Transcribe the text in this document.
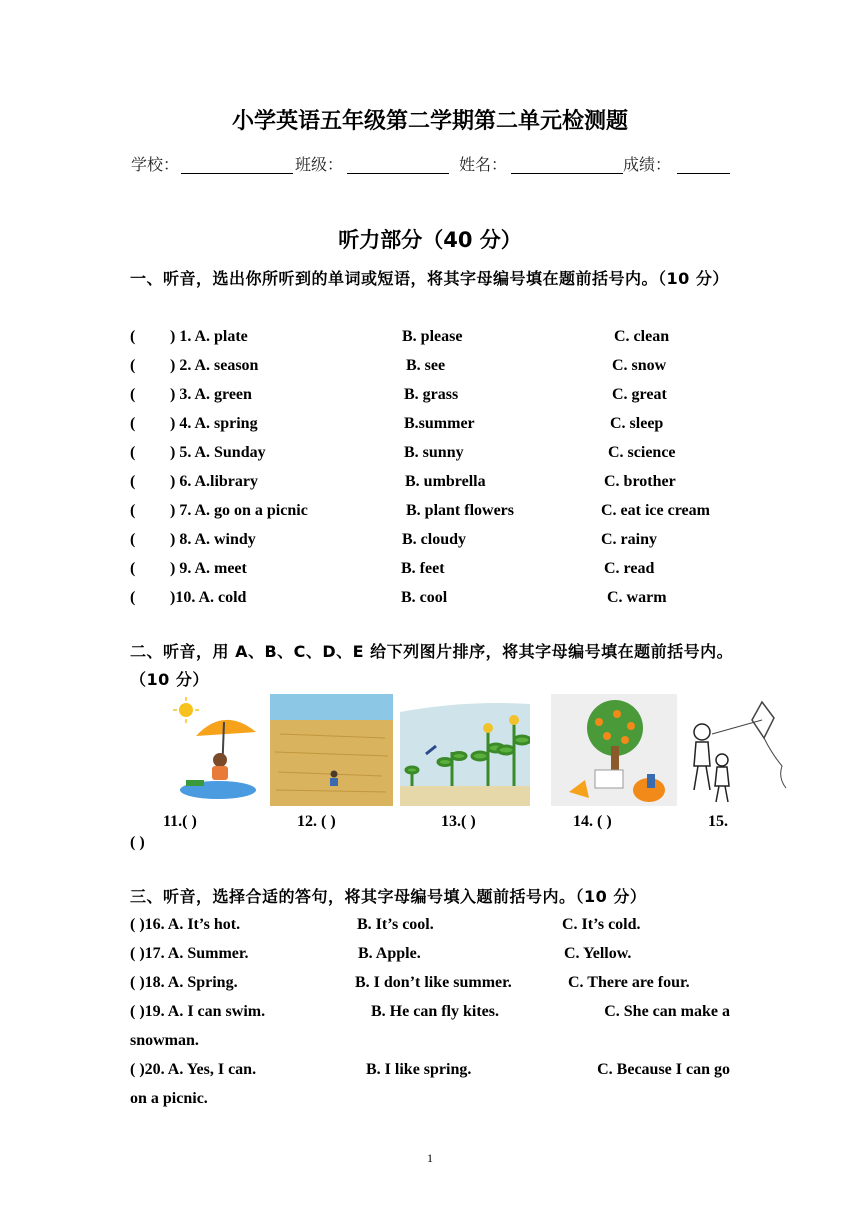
小学英语五年级第二学期第二单元检测题
学校：	班级：	姓名：	成绩：
听力部分（40 分）
一、听音，选出你所听到的单词或短语，将其字母编号填在题前括号内。（10 分）
( ) 1. A. plate	B. please	C. clean
( ) 2. A. season	B. see	C. snow
( ) 3. A. green	B. grass	C. great
( ) 4. A. spring	B.summer	C. sleep
( ) 5. A. Sunday	B. sunny	C. science
( ) 6. A.library	B. umbrella	C. brother
( ) 7. A. go on a picnic	B. plant flowers	C. eat ice cream
( ) 8. A. windy	B. cloudy	C. rainy
( ) 9. A. meet	B. feet	C. read
( )10. A. cold	B. cool	C. warm
二、听音，用 A、B、C、D、E 给下列图片排序，将其字母编号填在题前括号内。（10 分）
11.( )	12. ( )	13.( )	14. ( )	15.
( )
三、听音，选择合适的答句，将其字母编号填入题前括号内。（10 分）
( )16. A. It’s hot.	B. It’s cool.	C. It’s cold.
( )17. A. Summer.	B. Apple.	C. Yellow.
( )18. A. Spring.	B. I don’t like summer.	C. There are four.
( )19. A. I can swim.	B. He can fly kites.	C. She can make a
snowman.
( )20. A. Yes, I can.	B. I like spring.	C. Because I can go
on a picnic.
1
